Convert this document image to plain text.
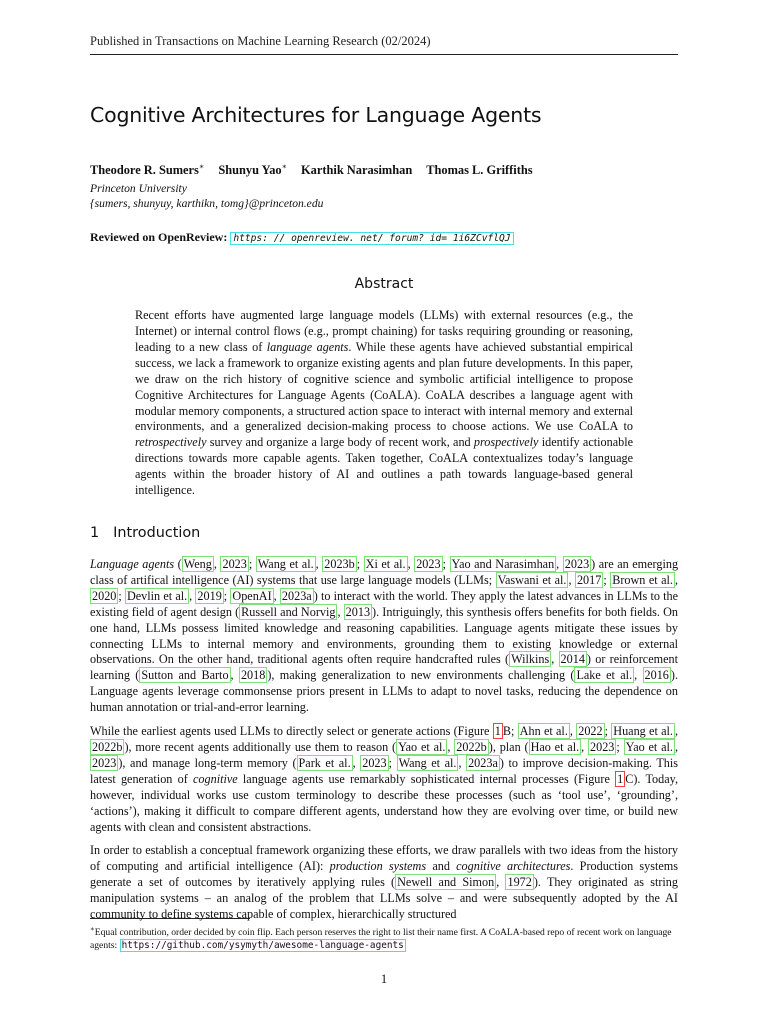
Published in Transactions on Machine Learning Research (02/2024)
Cognitive Architectures for Language Agents
Theodore R. Sumers∗ Shunyu Yao∗ Karthik Narasimhan Thomas L. Griffiths
Princeton University
{sumers, shunyuy, karthikn, tomg}@princeton.edu
Reviewed on OpenReview: https: // openreview. net/ forum? id= 1i6ZCvflQJ
Abstract
Recent efforts have augmented large language models (LLMs) with external resources (e.g., the Internet) or internal control flows (e.g., prompt chaining) for tasks requiring grounding or reasoning, leading to a new class of language agents. While these agents have achieved substantial empirical success, we lack a framework to organize existing agents and plan future developments. In this paper, we draw on the rich history of cognitive science and symbolic artificial intelligence to propose Cognitive Architectures for Language Agents (CoALA). CoALA describes a language agent with modular memory components, a structured action space to interact with internal memory and external environments, and a generalized decision-making process to choose actions. We use CoALA to retrospectively survey and organize a large body of recent work, and prospectively identify actionable directions towards more capable agents. Taken together, CoALA contextualizes today’s language agents within the broader history of AI and outlines a path towards language-based general intelligence.
1 Introduction

Language agents ( Weng , 2023 ; Wang et al. , 2023b ; Xi et al. , 2023 ; Yao and Narasimhan , 2023 ) are an emerging class of artifical intelligence (AI) systems that use large language models (LLMs; Vaswani et al. , 2017 ; Brown et al. , 2020 ; Devlin et al. , 2019 ; OpenAI , 2023a ) to interact with the world. They apply the latest advances in LLMs to the existing field of agent design ( Russell and Norvig , 2013 ). Intriguingly, this synthesis offers benefits for both fields. On one hand, LLMs possess limited knowledge and reasoning capabilities. Language agents mitigate these issues by connecting LLMs to internal memory and environments, grounding them to existing knowledge or external observations. On the other hand, traditional agents often require handcrafted rules ( Wilkins , 2014 ) or reinforcement learning ( Sutton and Barto , 2018 ), making generalization to new environments challenging ( Lake et al. , 2016 ). Language agents leverage commonsense priors present in LLMs to adapt to novel tasks, reducing the dependence on human annotation or trial-and-error learning.

While the earliest agents used LLMs to directly select or generate actions (Figure 1 B; Ahn et al. , 2022 ; Huang et al. , 2022b ), more recent agents additionally use them to reason ( Yao et al. , 2022b ), plan ( Hao et al. , 2023 ; Yao et al. , 2023 ), and manage long-term memory ( Park et al. , 2023 ; Wang et al. , 2023a ) to improve decision-making. This latest generation of cognitive language agents use remarkably sophisticated internal processes (Figure 1 C). Today, however, individual works use custom terminology to describe these processes (such as ‘tool use’, ‘grounding’, ‘actions’), making it difficult to compare different agents, understand how they are evolving over time, or build new agents with clean and consistent abstractions.

In order to establish a conceptual framework organizing these efforts, we draw parallels with two ideas from the history of computing and artificial intelligence (AI): production systems and cognitive architectures. Production systems generate a set of outcomes by iteratively applying rules ( Newell and Simon , 1972 ). They originated as string manipulation systems – an analog of the problem that LLMs solve – and were subsequently adopted by the AI community to define systems capable of complex, hierarchically structured

∗Equal contribution, order decided by coin flip. Each person reserves the right to list their name first. A CoALA-based repo of recent work on language agents: https://github.com/ysymyth/awesome-language-agents
1
